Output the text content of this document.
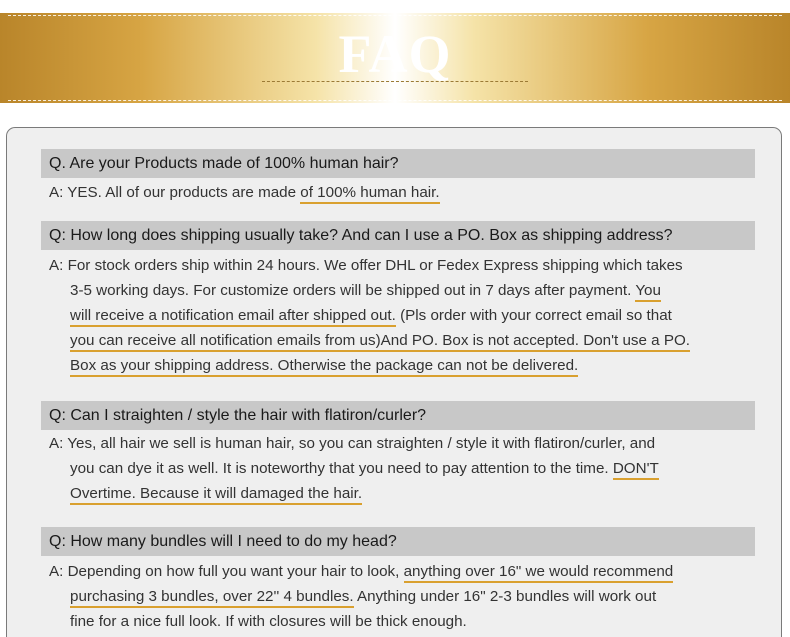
FAQ
Q. Are your Products made of 100% human hair?
A: YES. All of our products are made of 100% human hair.
Q: How long does shipping usually take? And can I use a PO. Box as shipping address?
A: For stock orders ship within 24 hours. We offer DHL or Fedex Express shipping which takes
3-5 working days. For customize orders will be shipped out in 7 days after payment. You
will receive a notification email after shipped out. (Pls order with your correct email so that
you can receive all notification emails from us)And PO. Box is not accepted. Don't use a PO.
Box as your shipping address. Otherwise the package can not be delivered.
Q: Can I straighten / style the hair with flatiron/curler?
A: Yes, all hair we sell is human hair, so you can straighten / style it with flatiron/curler, and
you can dye it as well. It is noteworthy that you need to pay attention to the time. DON'T
Overtime. Because it will damaged the hair.
Q: How many bundles will I need to do my head?
A: Depending on how full you want your hair to look, anything over 16" we would recommend
purchasing 3 bundles, over 22'' 4 bundles. Anything under 16" 2-3 bundles will work out
fine for a nice full look. If with closures will be thick enough.
